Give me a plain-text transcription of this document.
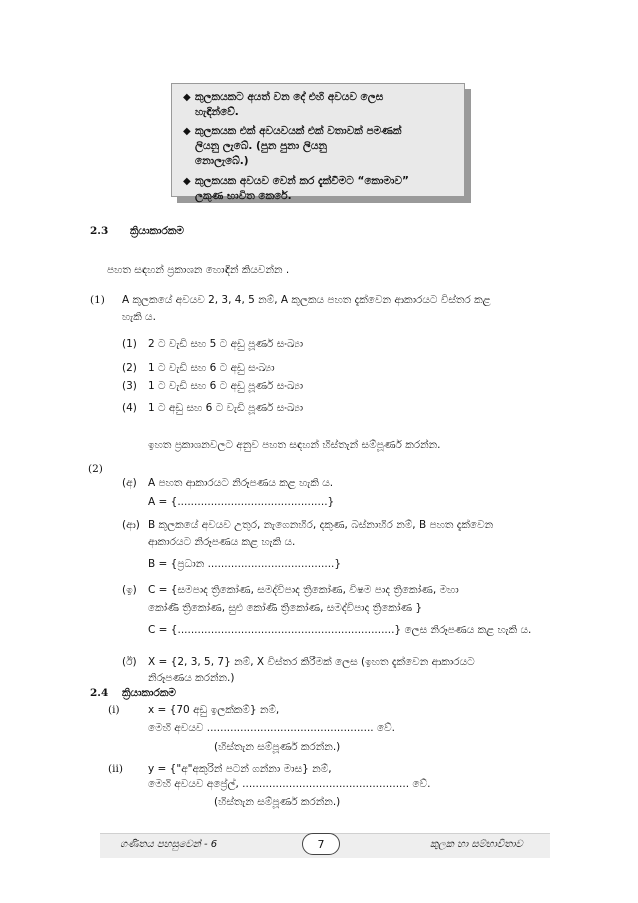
◆ කුලකයකට අයත් වන දේ එහි අවයව ලෙස
හැඳින්වේ.
◆ කුලකයක එක් අවයවයක් එක් වතාවක් පමණක්
ලියනු ලැබේ. (පුන පුනා ලියනු
නොලැබේ.)
◆ කුලකයක අවයව වෙන් කර දැක්වීමට “කොමාව”
ලකුණ භාවිත කෙරේ.
2.3 ක්‍රියාකාරකම
පහත සඳහන් ප්‍රකාශන හොඳින් කියවන්න .
(1) A කුලකයේ අවයව 2, 3, 4, 5 නම්, A කුලකය පහත දැක්වෙන ආකාරයට විස්තර කළ
හැකි ය.
(1) 2 ට වැඩි සහ 5 ට අඩු පූර්ණ සංඛ්‍යා
(2) 1 ට වැඩි සහ 6 ට අඩු සංඛ්‍යා
(3) 1 ට වැඩි සහ 6 ට අඩු පූර්ණ සංඛ්‍යා
(4) 1 ට අඩු සහ 6 ට වැඩි පූර්ණ සංඛ්‍යා
ඉහත ප්‍රකාශනවලට අනුව පහත සඳහන් හිස්තැන් සම්පූර්ණ කරන්න.
(2)
(අ) A පහත ආකාරයට නිරූපණය කළ හැකි ය.
A = {.............................................}
(ආ) B කුලකයේ අවයව උතුර, නැගෙනහිර, දකුණ, බස්නාහිර නම්, B පහත දැක්වෙන
ආකාරයට නිරූපණය කළ හැකි ය.
B = {ප්‍රධාන ......................................}
(ඉ) C = {සමපාද ත්‍රිකෝණ, සමද්විපාද ත්‍රිකෝණ, විෂම පාද ත්‍රිකෝණ, මහා
කෝණී ත්‍රිකෝණ, සුළු කෝණී ත්‍රිකෝණ, සමද්විපාද ත්‍රිකෝණ }
C = {.................................................................} ලෙස නිරූපණය කළ හැකි ය.
(ඊ) X = {2, 3, 5, 7} නම්, X විස්තර කිරීමක් ලෙස (ඉහත දැක්වෙන ආකාරයට
නිරූපණය කරන්න.)
2.4 ක්‍රියාකාරකම
(i)	x = {70 අඩු ඉලක්කම්} නම්,
මෙහි අවයව .................................................. වේ.
(හිස්තැන සම්පූර්ණ කරන්න.)
(ii) y = {"අ"අකුරින් පටන් ගන්නා මාස} නම්,
මෙහි අවයව අප්‍රේල්, .................................................. වේ.
(හිස්තැන සම්පූර්ණ කරන්න.)
ගණිතය පහසුවෙන් - 6	7	කුලක හා සම්භාවිතාව
